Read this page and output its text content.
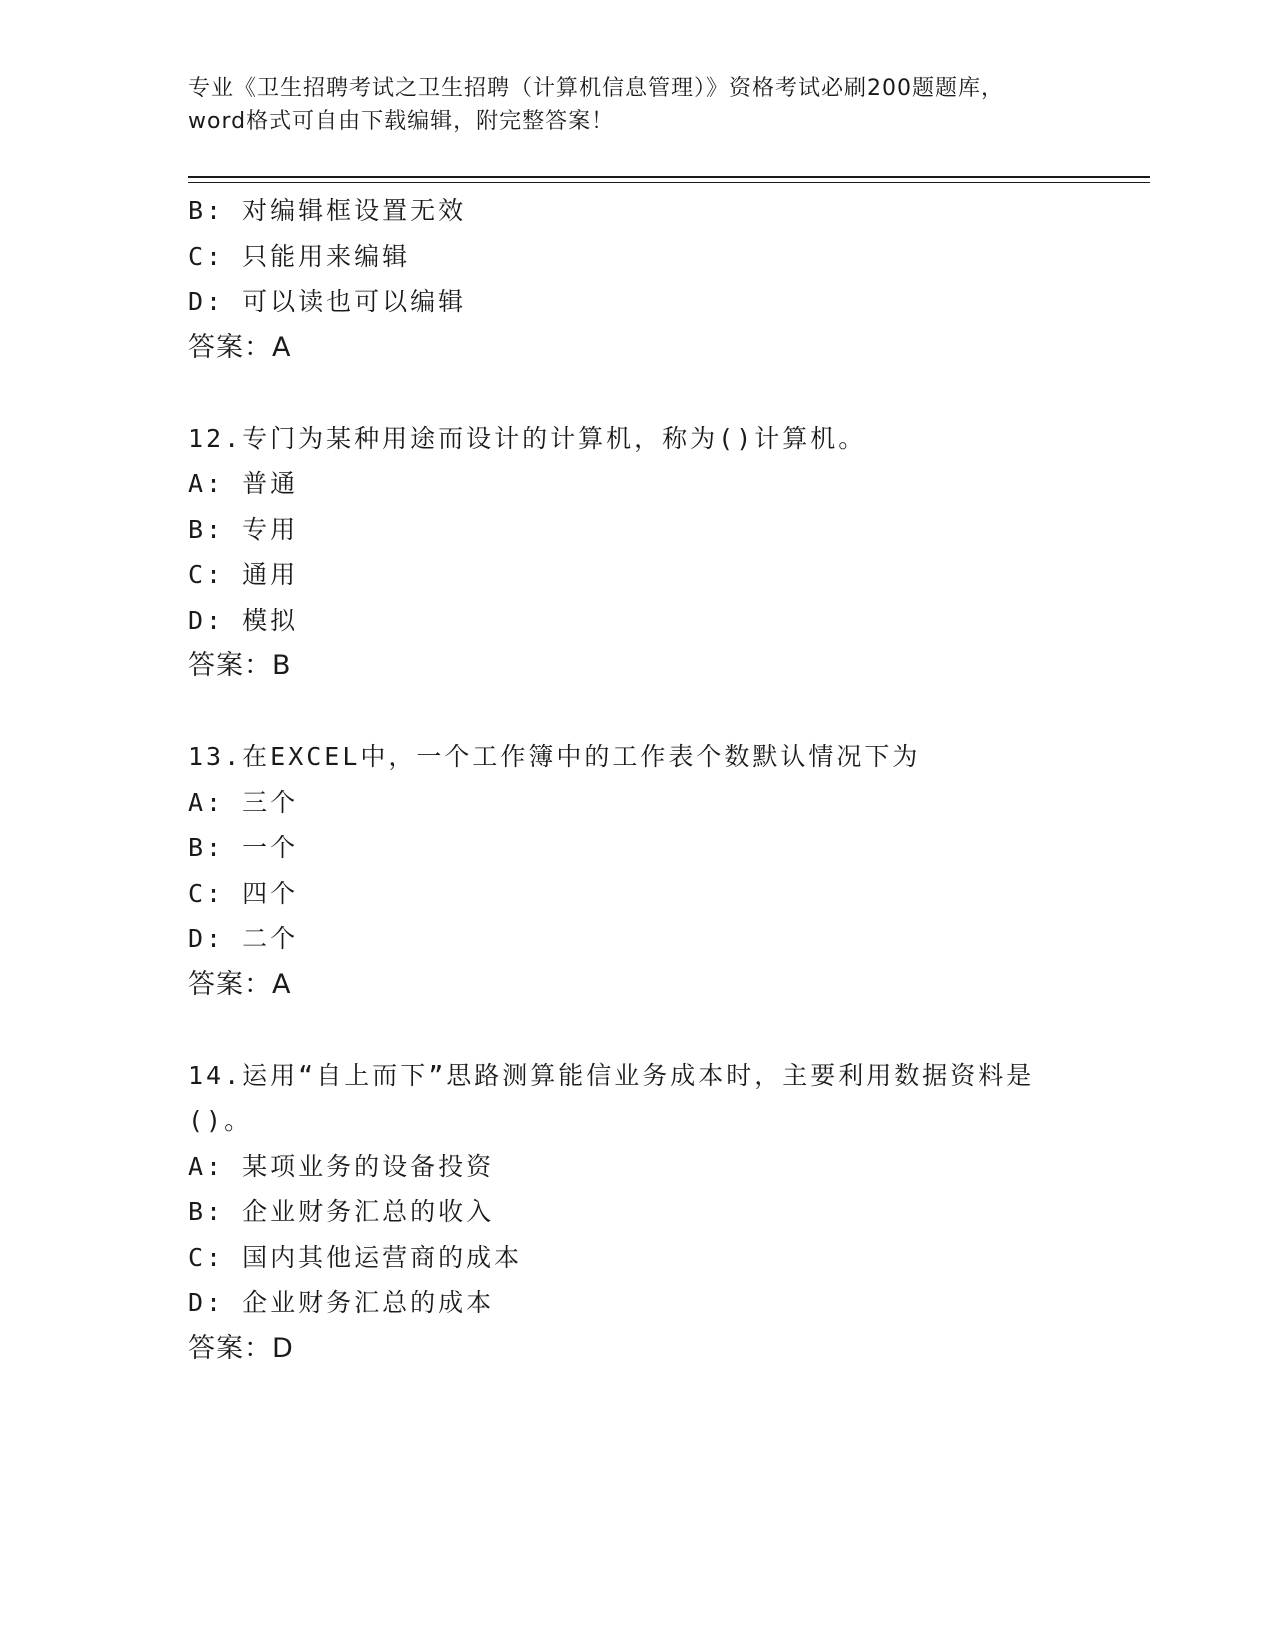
专业《卫生招聘考试之卫生招聘（计算机信息管理）》资格考试必刷200题题库，
word格式可自由下载编辑，附完整答案！
B: 对编辑框设置无效
C: 只能用来编辑
D: 可以读也可以编辑
答案：A
12.专门为某种用途而设计的计算机，称为()计算机。
A: 普通
B: 专用
C: 通用
D: 模拟
答案：B
13.在EXCEL中，一个工作簿中的工作表个数默认情况下为
A: 三个
B: 一个
C: 四个
D: 二个
答案：A
14.运用“自上而下”思路测算能信业务成本时，主要利用数据资料是
()。
A: 某项业务的设备投资
B: 企业财务汇总的收入
C: 国内其他运营商的成本
D: 企业财务汇总的成本
答案：D
